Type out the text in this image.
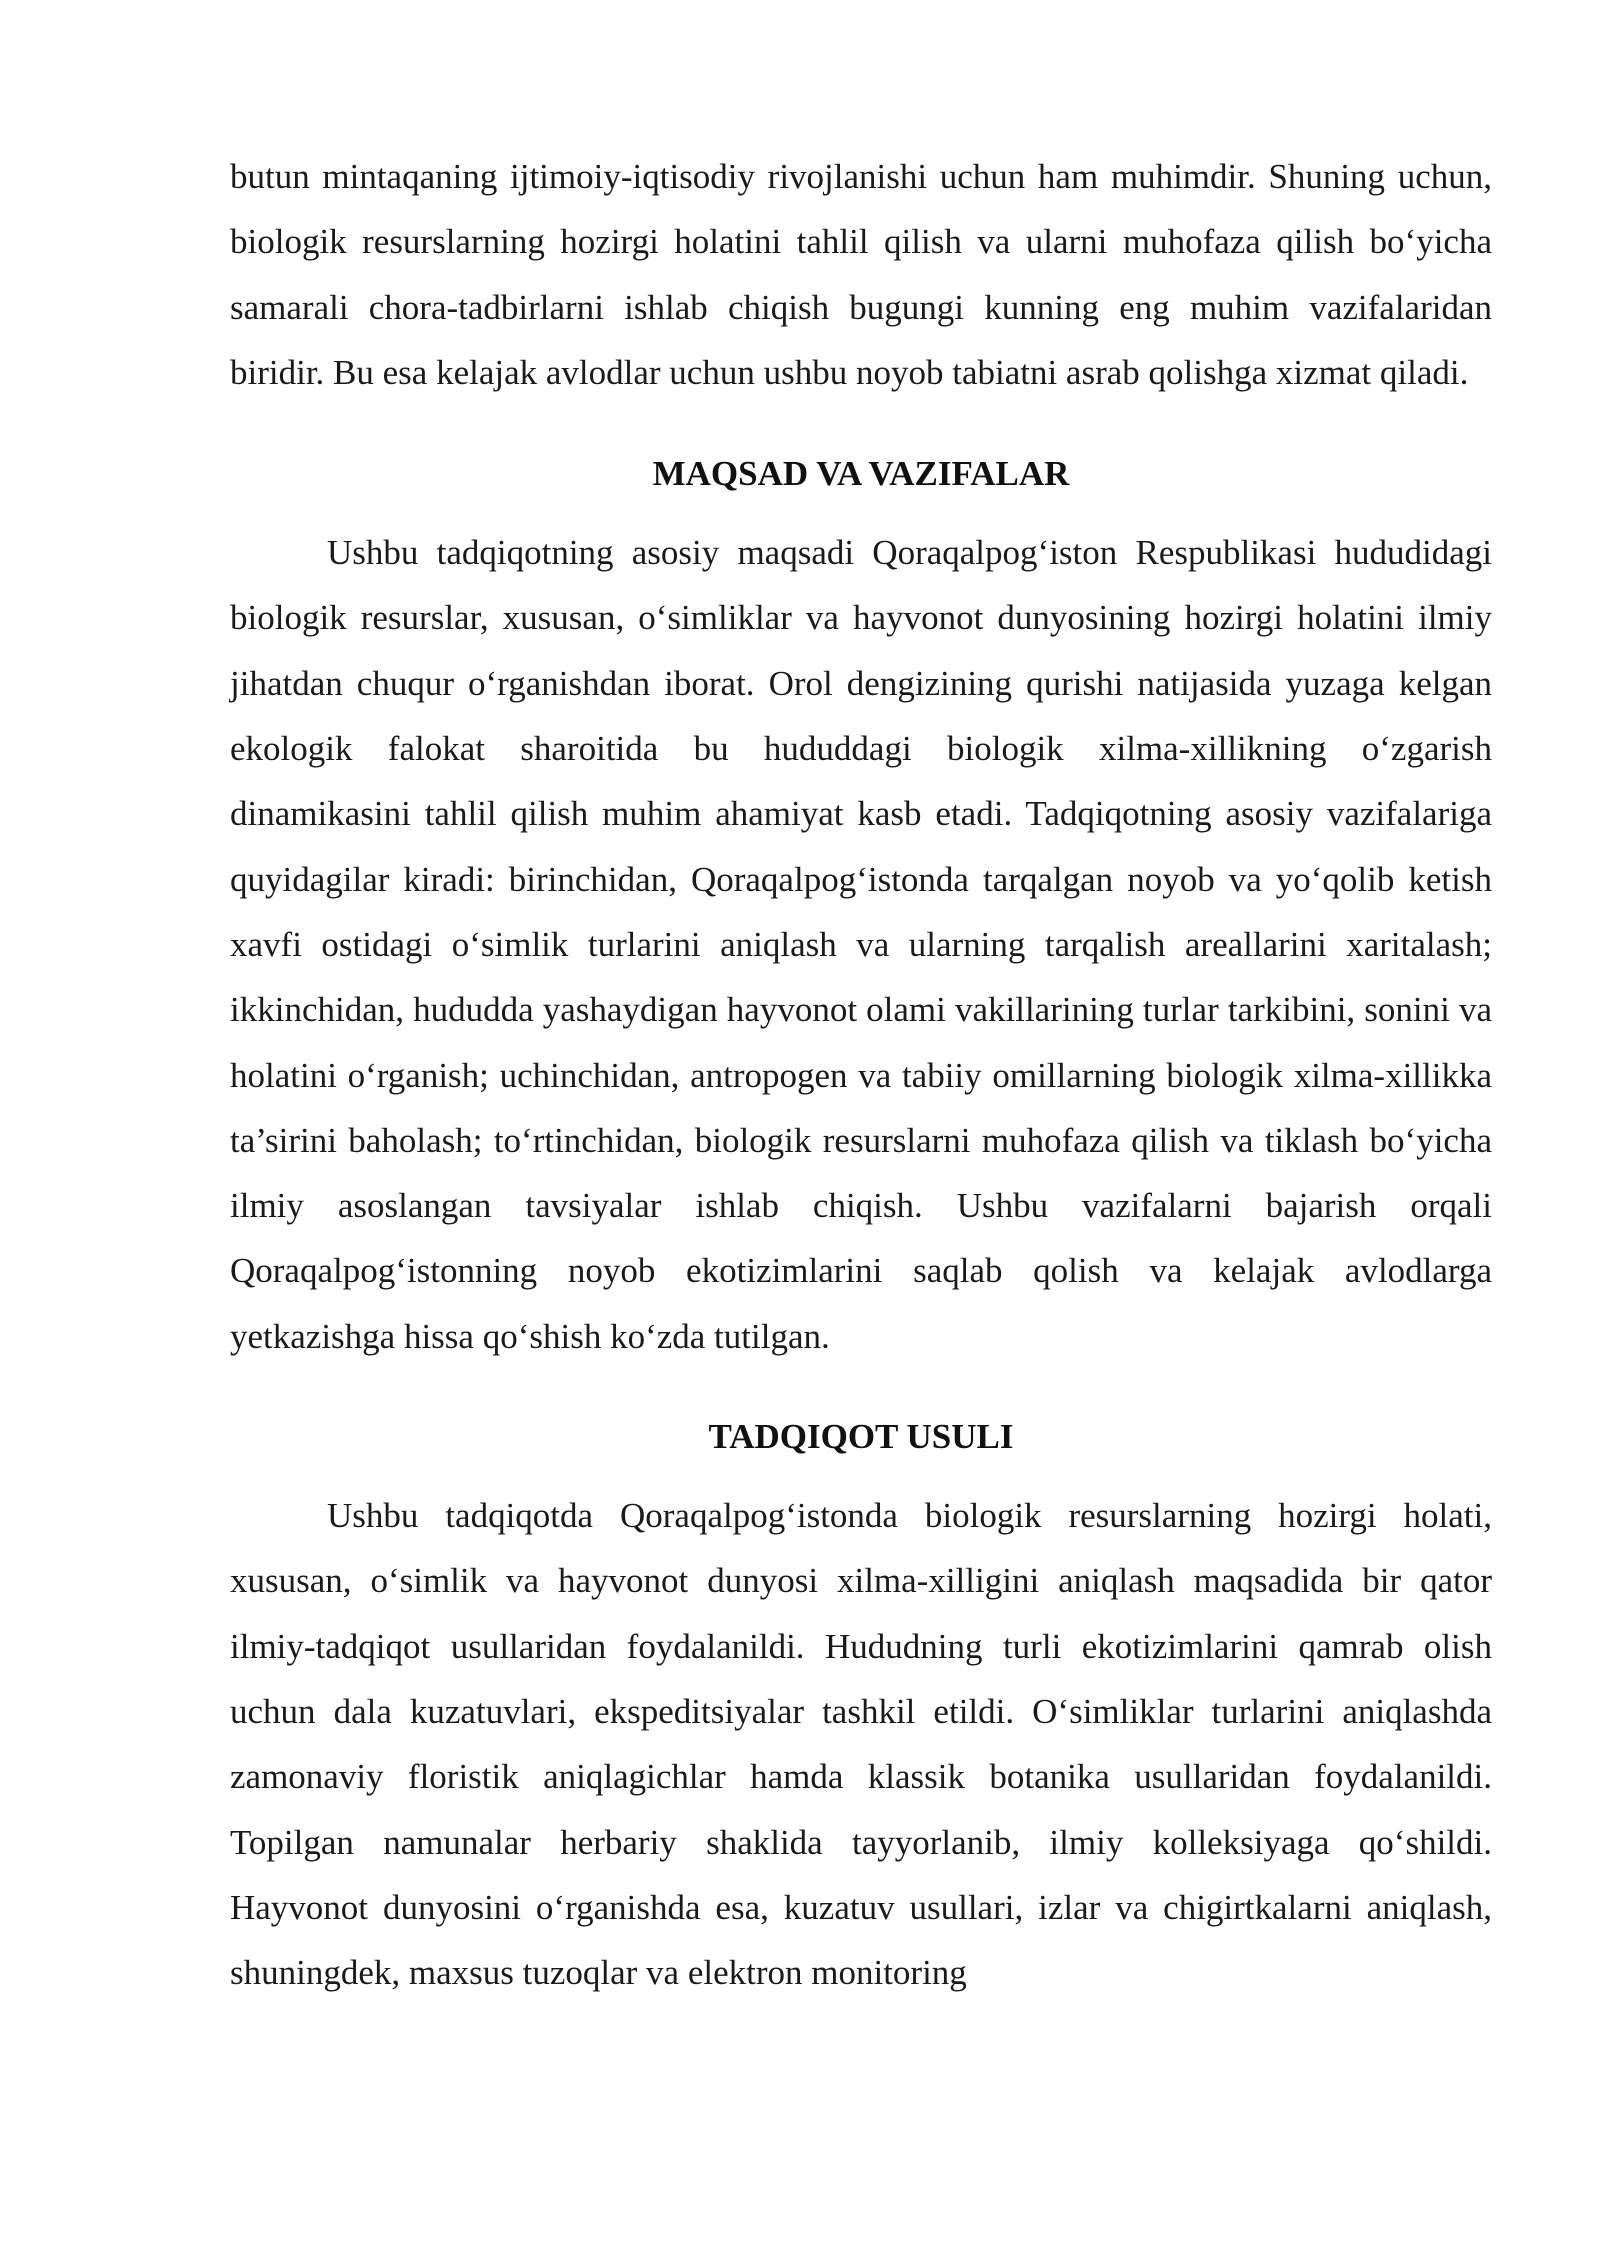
butun mintaqaning ijtimoiy-iqtisodiy rivojlanishi uchun ham muhimdir. Shuning uchun, biologik resurslarning hozirgi holatini tahlil qilish va ularni muhofaza qilish bo‘yicha samarali chora-tadbirlarni ishlab chiqish bugungi kunning eng muhim vazifalaridan biridir. Bu esa kelajak avlodlar uchun ushbu noyob tabiatni asrab qolishga xizmat qiladi.

MAQSAD VA VAZIFALAR

Ushbu tadqiqotning asosiy maqsadi Qoraqalpog‘iston Respublikasi hududidagi biologik resurslar, xususan, o‘simliklar va hayvonot dunyosining hozirgi holatini ilmiy jihatdan chuqur o‘rganishdan iborat. Orol dengizining qurishi natijasida yuzaga kelgan ekologik falokat sharoitida bu hududdagi biologik xilma-xillikning o‘zgarish dinamikasini tahlil qilish muhim ahamiyat kasb etadi. Tadqiqotning asosiy vazifalariga quyidagilar kiradi: birinchidan, Qoraqalpog‘istonda tarqalgan noyob va yo‘qolib ketish xavfi ostidagi o‘simlik turlarini aniqlash va ularning tarqalish areallarini xaritalash; ikkinchidan, hududda yashaydigan hayvonot olami vakillarining turlar tarkibini, sonini va holatini o‘rganish; uchinchidan, antropogen va tabiiy omillarning biologik xilma-xillikka ta’sirini baholash; to‘rtinchidan, biologik resurslarni muhofaza qilish va tiklash bo‘yicha ilmiy asoslangan tavsiyalar ishlab chiqish. Ushbu vazifalarni bajarish orqali Qoraqalpog‘istonning noyob ekotizimlarini saqlab qolish va kelajak avlodlarga yetkazishga hissa qo‘shish ko‘zda tutilgan.

TADQIQOT USULI

Ushbu tadqiqotda Qoraqalpog‘istonda biologik resurslarning hozirgi holati, xususan, o‘simlik va hayvonot dunyosi xilma-xilligini aniqlash maqsadida bir qator ilmiy-tadqiqot usullaridan foydalanildi. Hududning turli ekotizimlarini qamrab olish uchun dala kuzatuvlari, ekspeditsiyalar tashkil etildi. O‘simliklar turlarini aniqlashda zamonaviy floristik aniqlagichlar hamda klassik botanika usullaridan foydalanildi. Topilgan namunalar herbariy shaklida tayyorlanib, ilmiy kolleksiyaga qo‘shildi. Hayvonot dunyosini o‘rganishda esa, kuzatuv usullari, izlar va chigirtkalarni aniqlash, shuningdek, maxsus tuzoqlar va elektron monitoring
